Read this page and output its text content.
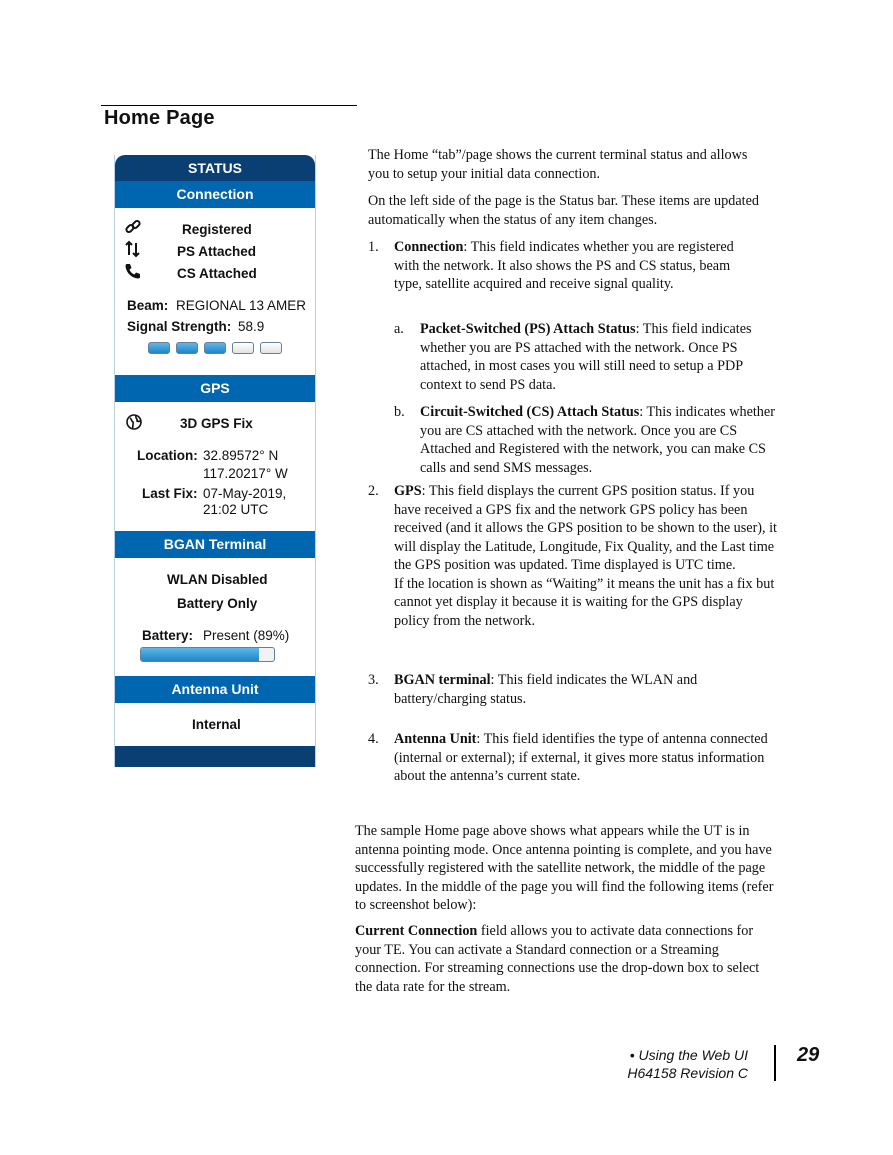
Home Page
STATUS
Connection
Registered
PS Attached
CS Attached
Beam: REGIONAL 13 AMER
Signal Strength: 58.9
GPS
3D GPS Fix
Location: 32.89572° N
117.20217° W
Last Fix: 07-May-2019,
21:02 UTC
BGAN Terminal
WLAN Disabled
Battery Only
Battery: Present (89%)
Antenna Unit
Internal

The Home “tab”/page shows the current terminal status and allows you to setup your initial data connection.

On the left side of the page is the Status bar. These items are updated automatically when the status of any item changes.

1. Connection: This field indicates whether you are registered with the network. It also shows the PS and CS status, beam type, satellite acquired and receive signal quality.

a. Packet-Switched (PS) Attach Status: This field indicates whether you are PS attached with the network. Once PS attached, in most cases you will still need to setup a PDP context to send PS data.

b. Circuit-Switched (CS) Attach Status: This indicates whether you are CS attached with the network. Once you are CS Attached and Registered with the network, you can make CS calls and send SMS messages.

2. GPS: This field displays the current GPS position status. If you have received a GPS fix and the network GPS policy has been received (and it allows the GPS position to be shown to the user), it will display the Latitude, Longitude, Fix Quality, and the Last time the GPS position was updated. Time displayed is UTC time.

If the location is shown as “Waiting” it means the unit has a fix but cannot yet display it because it is waiting for the GPS display policy from the network.

3. BGAN terminal: This field indicates the WLAN and battery/charging status.

4. Antenna Unit: This field identifies the type of antenna connected (internal or external); if external, it gives more status information about the antenna’s current state.

The sample Home page above shows what appears while the UT is in antenna pointing mode. Once antenna pointing is complete, and you have successfully registered with the satellite network, the middle of the page updates. In the middle of the page you will find the following items (refer to screenshot below):

Current Connection field allows you to activate data connections for your TE. You can activate a Standard connection or a Streaming connection. For streaming connections use the drop-down box to select the data rate for the stream.

• Using the Web UI
H64158 Revision C
29
